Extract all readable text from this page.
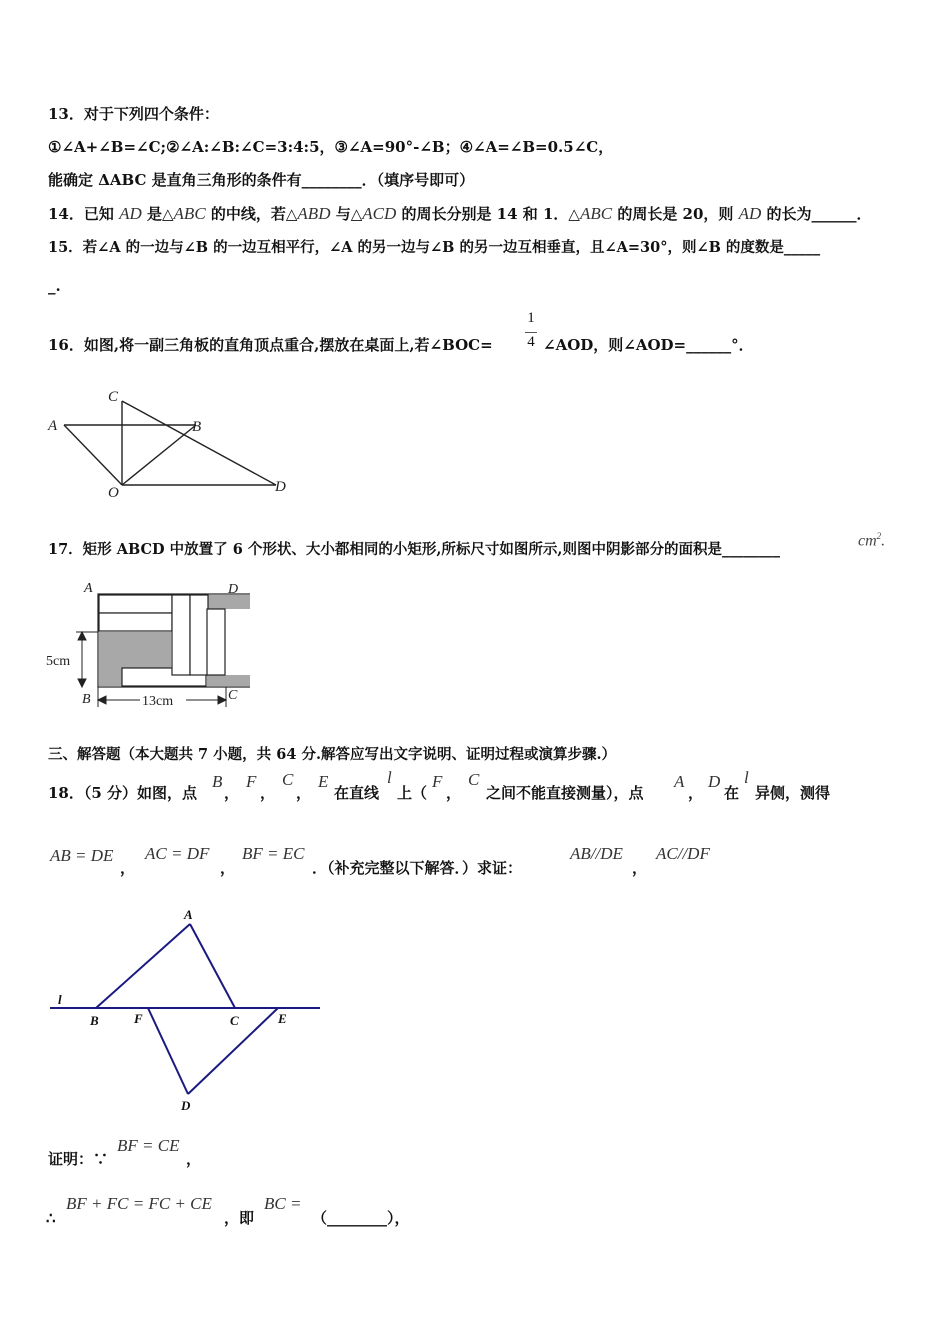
13．对于下列四个条件：
①∠A+∠B=∠C;②∠A:∠B:∠C=3:4:5，③∠A=90°-∠B；④∠A=∠B=0.5∠C，
能确定 ΔABC 是直角三角形的条件有________．（填序号即可）
14．已知 AD 是△ABC 的中线，若△ABD 与△ACD 的周长分别是 14 和 1．△ABC 的周长是 20，则 AD 的长为______．
15．若∠A 的一边与∠B 的一边互相平行，∠A 的另一边与∠B 的另一边互相垂直，且∠A=30°，则∠B 的度数是_____
_.
16．如图,将一副三角板的直角顶点重合,摆放在桌面上,若∠BOC=
1
4 ∠AOD，则∠AOD=______°．
A	B
C
O	D
17．矩形 ABCD 中放置了 6 个形状、大小都相同的小矩形,所标尺寸如图所示,则图中阴影部分的面积是________
$cm^2$.
A	D
B	C
5cm
13cm
三、解答题（本大题共 7 小题，共 64 分.解答应写出文字说明、证明过程或演算步骤.）
18．（5 分）如图，点
B
，
F
，
C
，
E
在直线
l
上（
F
，
C
之间不能直接测量），点
A
，
D
在
l
异侧，测得
AB = DE
，
AC = DF
，
BF = EC
．（补充完整以下解答．）求证：
AB//DE
，
AC//DF
l
A
B	F	C	E
D
证明：∵
BF = CE
，
∴
BF + FC = FC + CE
，即
BC =
（________），
